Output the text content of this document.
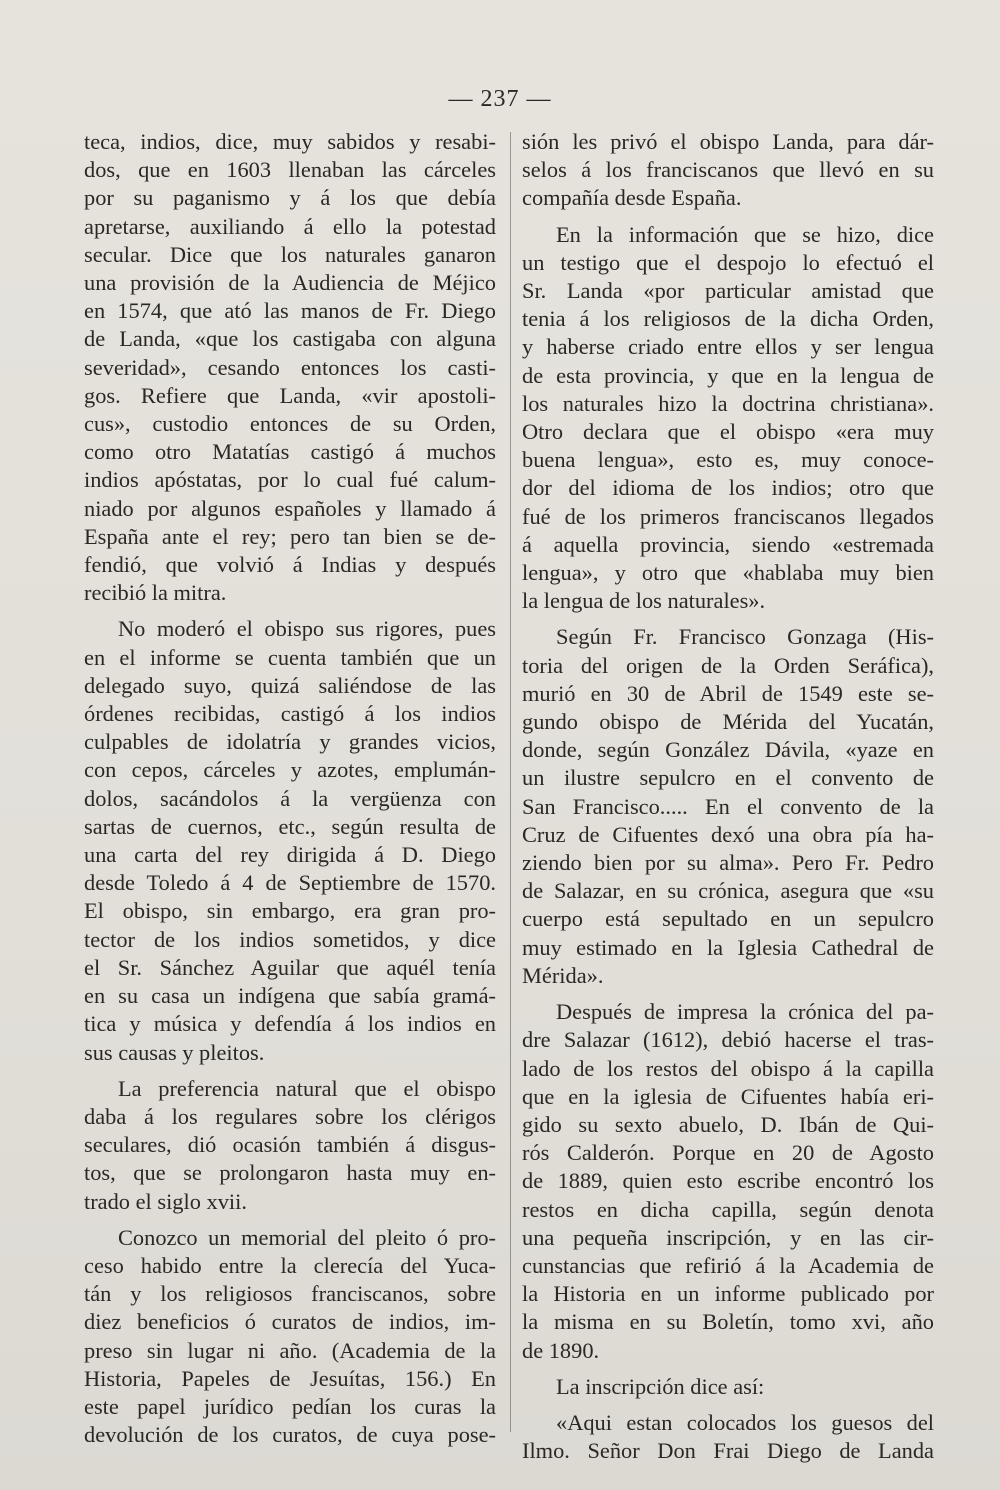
— 237 —
teca, indios, dice, muy sabidos y resabi-
dos, que en 1603 llenaban las cárceles
por su paganismo y á los que debía
apretarse, auxiliando á ello la potestad
secular. Dice que los naturales ganaron
una provisión de la Audiencia de Méjico
en 1574, que ató las manos de Fr. Diego
de Landa, «que los castigaba con alguna
severidad», cesando entonces los casti-
gos. Refiere que Landa, «vir apostoli-
cus», custodio entonces de su Orden,
como otro Matatías castigó á muchos
indios apóstatas, por lo cual fué calum-
niado por algunos españoles y llamado á
España ante el rey; pero tan bien se de-
fendió, que volvió á Indias y después
recibió la mitra.
No moderó el obispo sus rigores, pues
en el informe se cuenta también que un
delegado suyo, quizá saliéndose de las
órdenes recibidas, castigó á los indios
culpables de idolatría y grandes vicios,
con cepos, cárceles y azotes, emplumán-
dolos, sacándolos á la vergüenza con
sartas de cuernos, etc., según resulta de
una carta del rey dirigida á D. Diego
desde Toledo á 4 de Septiembre de 1570.
El obispo, sin embargo, era gran pro-
tector de los indios sometidos, y dice
el Sr. Sánchez Aguilar que aquél tenía
en su casa un indígena que sabía gramá-
tica y música y defendía á los indios en
sus causas y pleitos.
La preferencia natural que el obispo
daba á los regulares sobre los clérigos
seculares, dió ocasión también á disgus-
tos, que se prolongaron hasta muy en-
trado el siglo xvii.
Conozco un memorial del pleito ó pro-
ceso habido entre la clerecía del Yuca-
tán y los religiosos franciscanos, sobre
diez beneficios ó curatos de indios, im-
preso sin lugar ni año. (Academia de la
Historia, Papeles de Jesuítas, 156.) En
este papel jurídico pedían los curas la
devolución de los curatos, de cuya pose-
sión les privó el obispo Landa, para dár-
selos á los franciscanos que llevó en su
compañía desde España.
En la información que se hizo, dice
un testigo que el despojo lo efectuó el
Sr. Landa «por particular amistad que
tenia á los religiosos de la dicha Orden,
y haberse criado entre ellos y ser lengua
de esta provincia, y que en la lengua de
los naturales hizo la doctrina christiana».
Otro declara que el obispo «era muy
buena lengua», esto es, muy conoce-
dor del idioma de los indios; otro que
fué de los primeros franciscanos llegados
á aquella provincia, siendo «estremada
lengua», y otro que «hablaba muy bien
la lengua de los naturales».
Según Fr. Francisco Gonzaga (His-
toria del origen de la Orden Seráfica),
murió en 30 de Abril de 1549 este se-
gundo obispo de Mérida del Yucatán,
donde, según González Dávila, «yaze en
un ilustre sepulcro en el convento de
San Francisco..... En el convento de la
Cruz de Cifuentes dexó una obra pía ha-
ziendo bien por su alma». Pero Fr. Pedro
de Salazar, en su crónica, asegura que «su
cuerpo está sepultado en un sepulcro
muy estimado en la Iglesia Cathedral de
Mérida».
Después de impresa la crónica del pa-
dre Salazar (1612), debió hacerse el tras-
lado de los restos del obispo á la capilla
que en la iglesia de Cifuentes había eri-
gido su sexto abuelo, D. Ibán de Qui-
rós Calderón. Porque en 20 de Agosto
de 1889, quien esto escribe encontró los
restos en dicha capilla, según denota
una pequeña inscripción, y en las cir-
cunstancias que refirió á la Academia de
la Historia en un informe publicado por
la misma en su Boletín, tomo xvi, año
de 1890.
La inscripción dice así:
«Aqui estan colocados los guesos del
Ilmo. Señor Don Frai Diego de Landa
